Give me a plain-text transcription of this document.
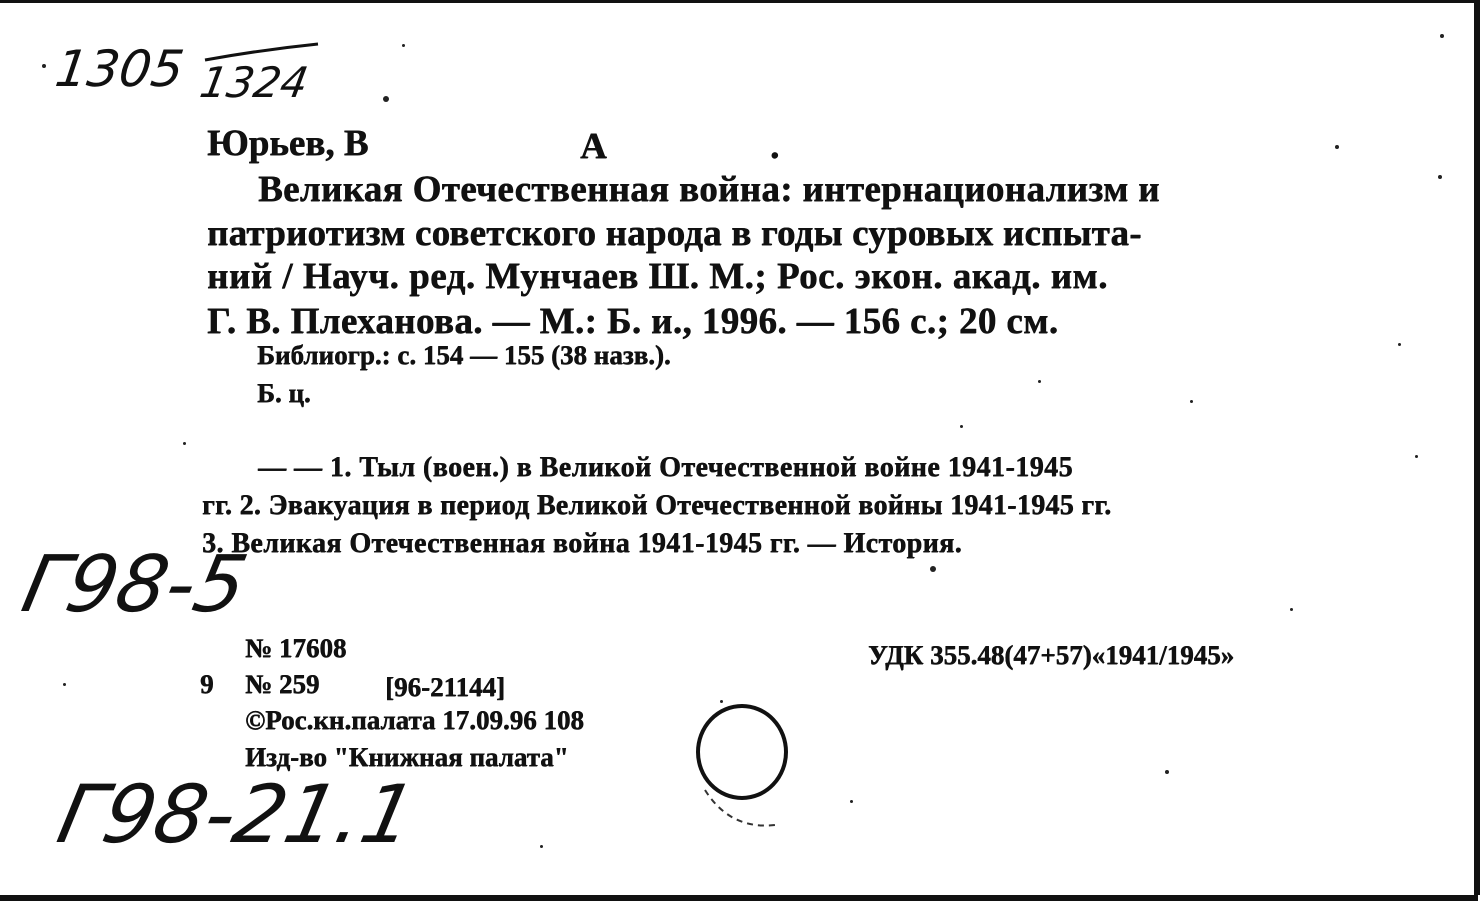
1305 1324
Юрьев, В	А	.
Великая Отечественная война: интернационализм и
патриотизм советского народа в годы суровых испыта-
ний / Науч. ред. Мунчаев Ш. М.; Рос. экон. акад. им.
Г. В. Плеханова. — М.: Б. и., 1996. — 156 с.; 20 см.
Библиогр.: с. 154 — 155 (38 назв.).
Б. ц.
— — 1. Тыл (воен.) в Великой Отечественной войне 1941-1945
гг. 2. Эвакуация в период Великой Отечественной войны 1941-1945 гг.
3. Великая Отечественная война 1941-1945 гг. — История.
Г98-5
Г98-21.1
№ 17608	УДК 355.48(47+57)«1941/1945»
9 № 259 [96-21144]
©Рос.кн.палата 17.09.96 108
Изд-во "Книжная палата"
